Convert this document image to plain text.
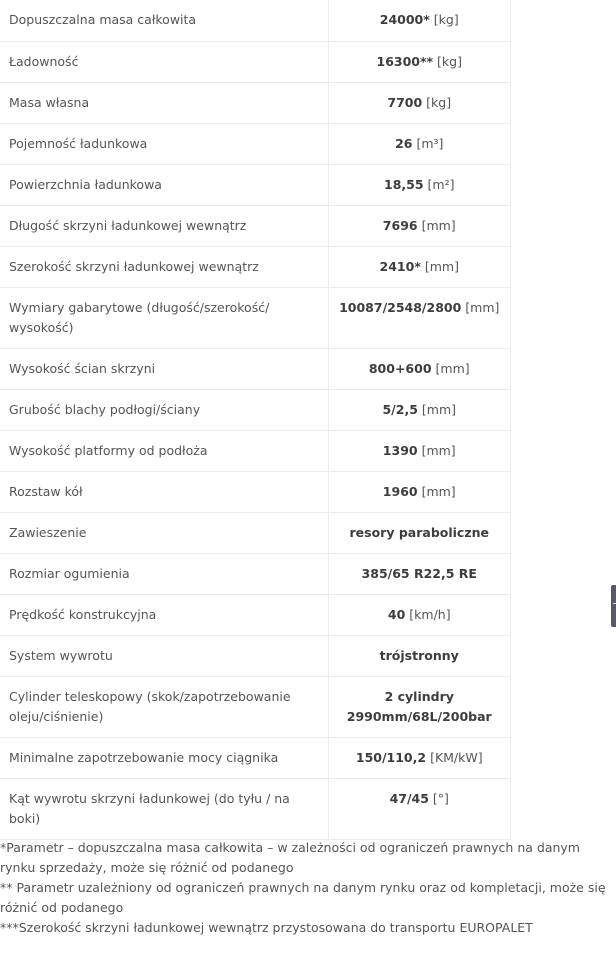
Dopuszczalna masa całkowita	24000* [kg]
Ładowność	16300** [kg]
Masa własna	7700 [kg]
Pojemność ładunkowa	26 [m³]
Powierzchnia ładunkowa	18,55 [m²]
Długość skrzyni ładunkowej wewnątrz	7696 [mm]
Szerokość skrzyni ładunkowej wewnątrz	2410* [mm]
Wymiary gabarytowe (długość/szerokość/ wysokość)	10087/2548/2800 [mm]
Wysokość ścian skrzyni	800+600 [mm]
Grubość blachy podłogi/ściany	5/2,5 [mm]
Wysokość platformy od podłoża	1390 [mm]
Rozstaw kół	1960 [mm]
Zawieszenie	resory paraboliczne
Rozmiar ogumienia	385/65 R22,5 RE
Prędkość konstrukcyjna	40 [km/h]
System wywrotu	trójstronny
Cylinder teleskopowy (skok/zapotrzebowanie oleju/ciśnienie)	2 cylindry
2990mm/68L/200bar
Minimalne zapotrzebowanie mocy ciągnika	150/110,2 [KM/kW]
Kąt wywrotu skrzyni ładunkowej (do tyłu / na boki)	47/45 [°]

*Parametr – dopuszczalna masa całkowita – w zależności od ograniczeń prawnych na danym rynku sprzedaży, może się różnić od podanego

** Parametr uzależniony od ograniczeń prawnych na danym rynku oraz od kompletacji, może się różnić od podanego

***Szerokość skrzyni ładunkowej wewnątrz przystosowana do transportu EUROPALET
